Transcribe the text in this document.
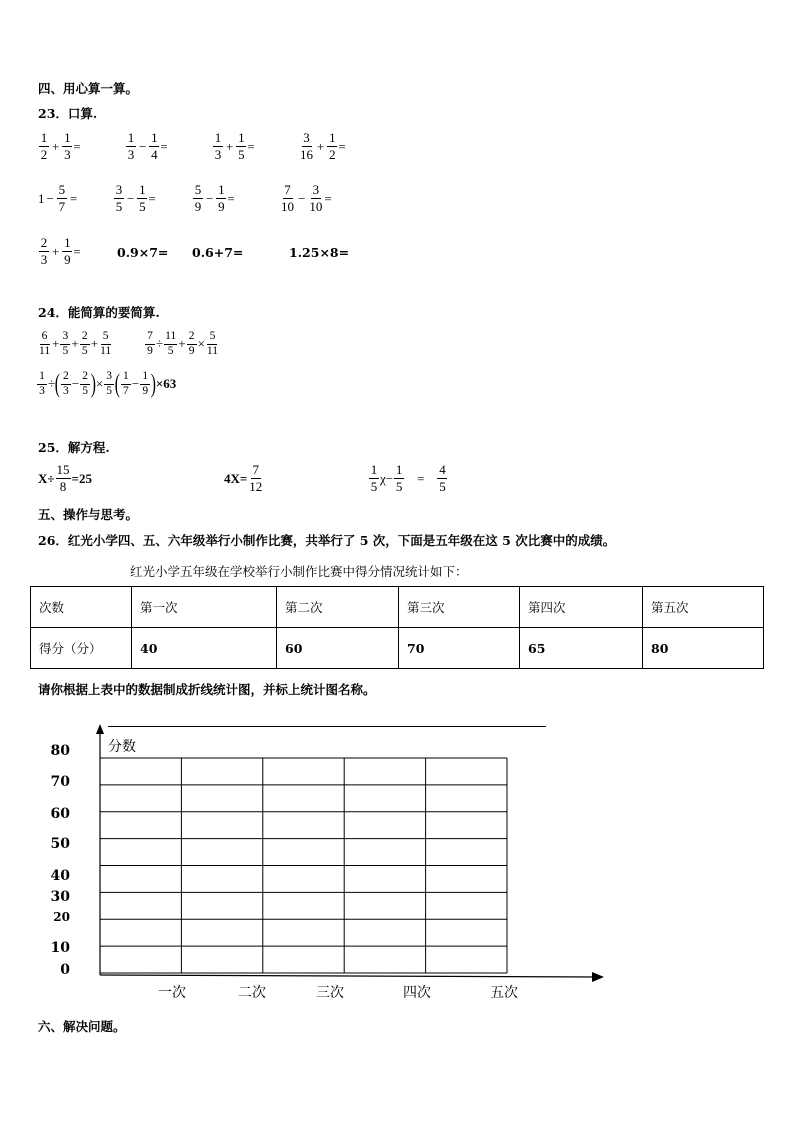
四、用心算一算。
23．口算.
$\frac{1}{2} + \frac{1}{3}$ =	$\frac{1}{3} - \frac{1}{4}$ =	$\frac{1}{3} + \frac{1}{5}$ =	$\frac{3}{16} + \frac{1}{2}$ =
$1 - \frac{5}{7}$ =	$\frac{3}{5} - \frac{1}{5}$ =	$\frac{5}{9} - \frac{1}{9}$ =	$\frac{7}{10} - \frac{3}{10}$ =
$\frac{2}{3} + \frac{1}{9}$ =	0.9×7= 0.6+7=	1.25×8=
24．能简算的要简算.
$\frac{6}{11} + \frac{3}{5} + \frac{2}{5} + \frac{5}{11}$	$\frac{7}{9} \div \frac{11}{5} + \frac{2}{9} \times \frac{5}{11}$
$\frac{1}{3}$ ÷ ( $\frac{2}{3} - \frac{2}{5}$ ) × $\frac{3}{5}$ ( $\frac{1}{7} - \frac{1}{9}$ ) ×63
25．解方程.
$X\div \frac{15}{8} =25$	$4X= \frac{7}{12}$	$\frac{1}{5} \chi- \frac{1}{5} = \frac{4}{5}$
五、操作与思考。
26．红光小学四、五、六年级举行小制作比赛，共举行了 5 次，下面是五年级在这 5 次比赛中的成绩。
红光小学五年级在学校举行小制作比赛中得分情况统计如下：
次数	第一次	第二次	第三次	第四次	第五次
得分（分）	40	60	70	65	80
请你根据上表中的数据制成折线统计图，并标上统计图名称。
分数
80
70
60
50
40
30
20
10
0
一次	二次	三次	四次	五次
六、解决问题。
